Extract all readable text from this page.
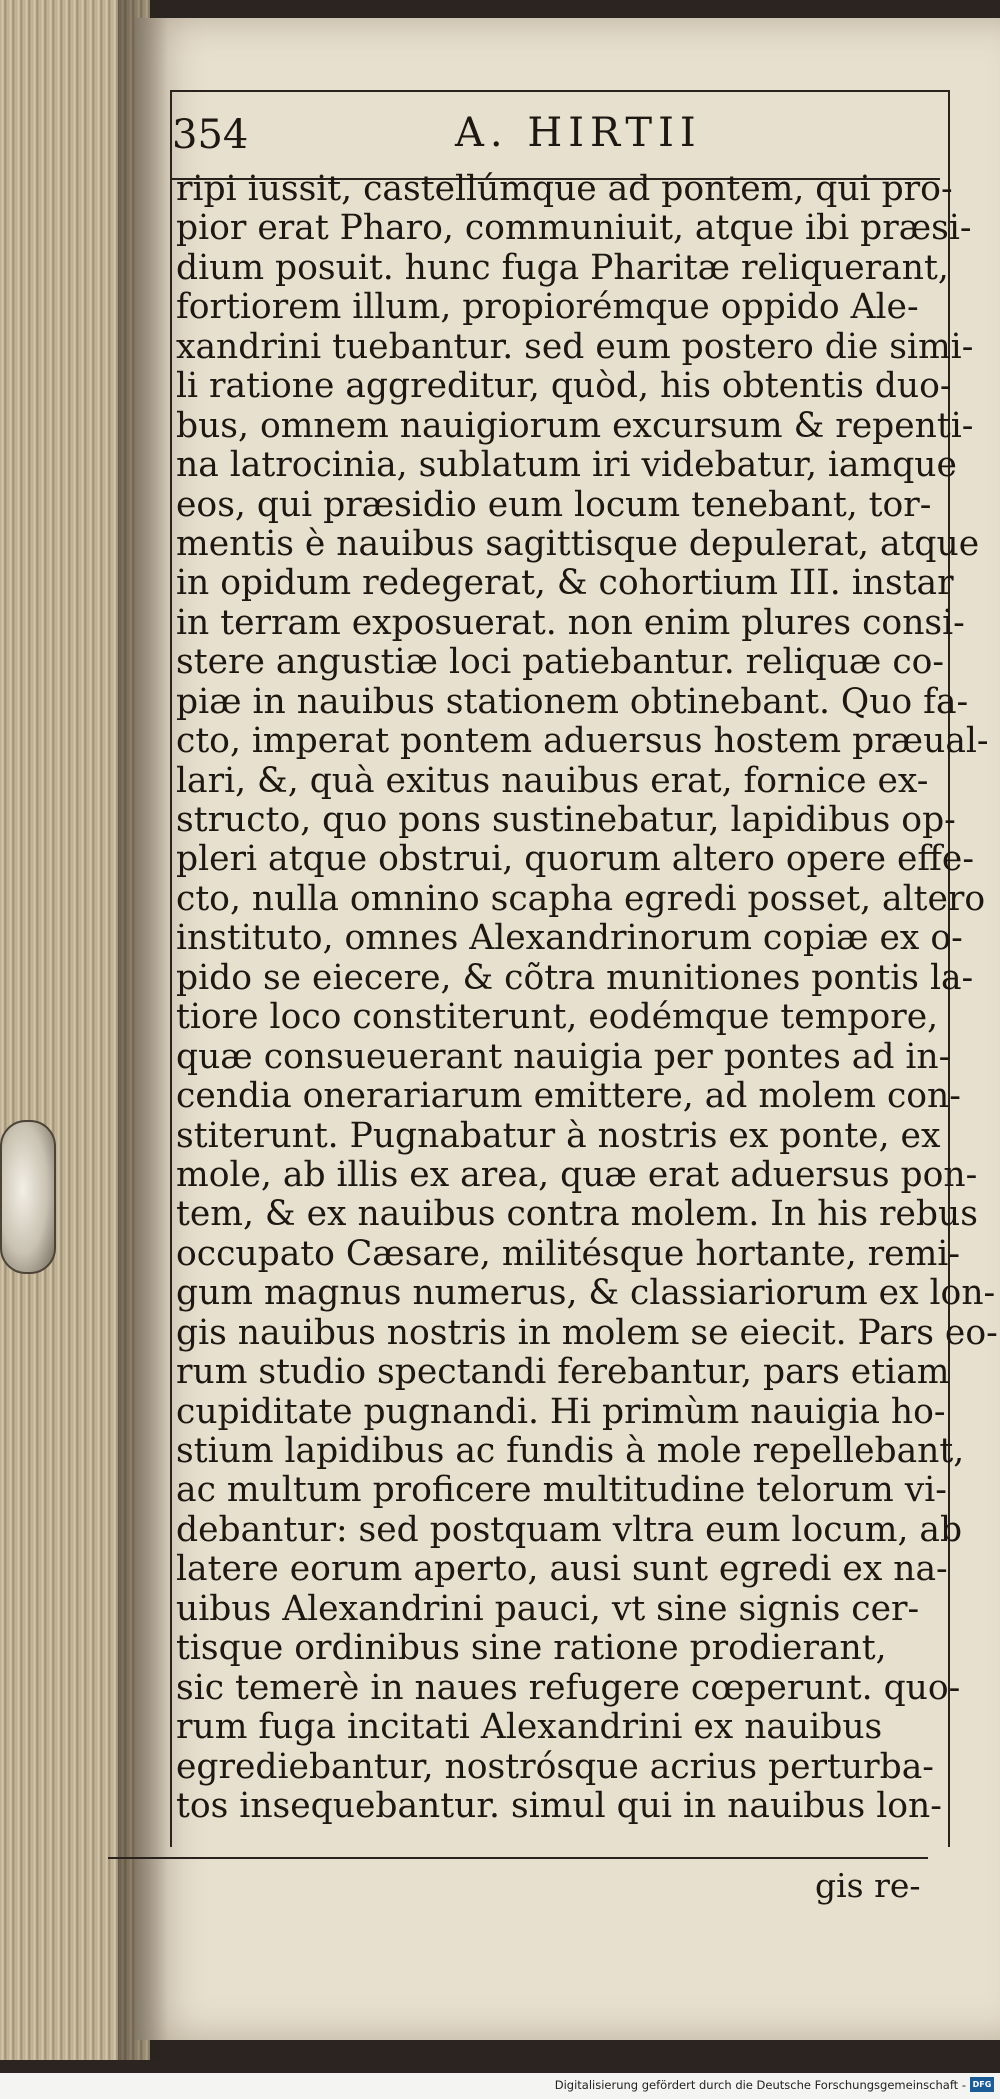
354	A. HIRTII
ripi iussit, castellúmque ad pontem, qui pro-
pior erat Pharo, communiuit, atque ibi præsi-
dium posuit. hunc fuga Pharitæ reliquerant,
fortiorem illum, propiorémque oppido Ale-
xandrini tuebantur. sed eum postero die simi-
li ratione aggreditur, quòd, his obtentis duo-
bus, omnem nauigiorum excursum & repenti-
na latrocinia, sublatum iri videbatur, iamque
eos, qui præsidio eum locum tenebant, tor-
mentis è nauibus sagittisque depulerat, atque
in opidum redegerat, & cohortium III. instar
in terram exposuerat. non enim plures consi-
stere angustiæ loci patiebantur. reliquæ co-
piæ in nauibus stationem obtinebant. Quo fa-
cto, imperat pontem aduersus hostem præual-
lari, &, quà exitus nauibus erat, fornice ex-
structo, quo pons sustinebatur, lapidibus op-
pleri atque obstrui, quorum altero opere effe-
cto, nulla omnino scapha egredi posset, altero
instituto, omnes Alexandrinorum copiæ ex o-
pido se eiecere, & cõtra munitiones pontis la-
tiore loco constiterunt, eodémque tempore,
quæ consueuerant nauigia per pontes ad in-
cendia onerariarum emittere, ad molem con-
stiterunt. Pugnabatur à nostris ex ponte, ex
mole, ab illis ex area, quæ erat aduersus pon-
tem, & ex nauibus contra molem. In his rebus
occupato Cæsare, militésque hortante, remi-
gum magnus numerus, & classiariorum ex lon-
gis nauibus nostris in molem se eiecit. Pars eo-
rum studio spectandi ferebantur, pars etiam
cupiditate pugnandi. Hi primùm nauigia ho-
stium lapidibus ac fundis à mole repellebant,
ac multum proficere multitudine telorum vi-
debantur: sed postquam vltra eum locum, ab
latere eorum aperto, ausi sunt egredi ex na-
uibus Alexandrini pauci, vt sine signis cer-
tisque ordinibus sine ratione prodierant,
sic temerè in naues refugere cœperunt. quo-
rum fuga incitati Alexandrini ex nauibus
egrediebantur, nostrósque acrius perturba-
tos insequebantur. simul qui in nauibus lon-
gis re-
Digitalisierung gefördert durch die Deutsche Forschungsgemeinschaft - DFG
